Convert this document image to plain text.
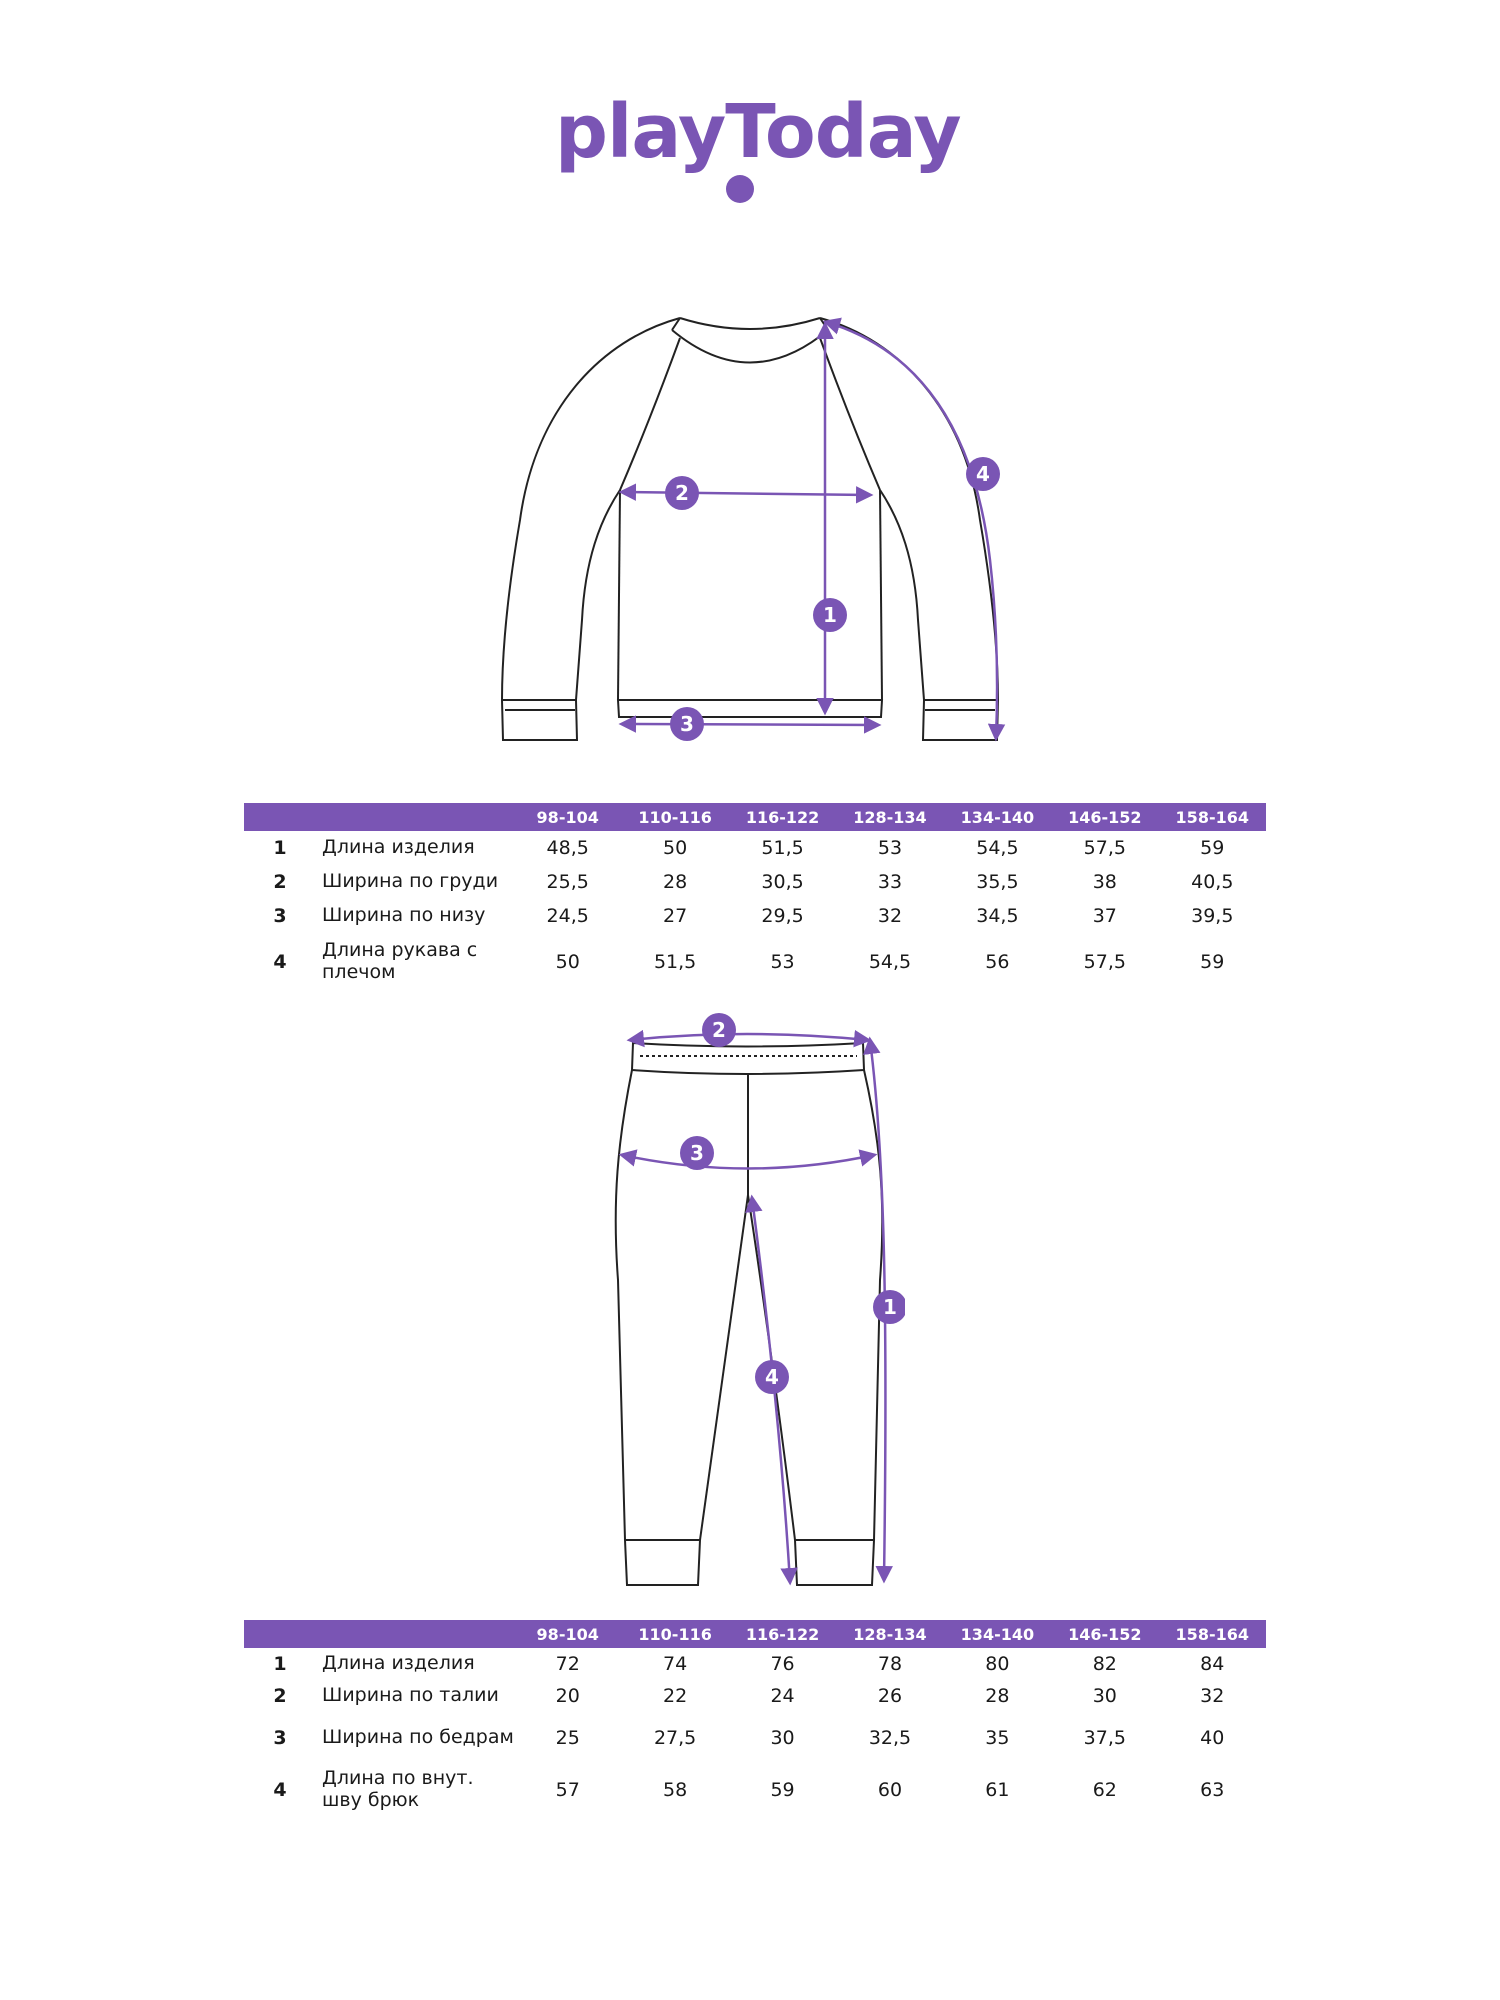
playToday
1
2
3
4
		98-104	110-116	116-122	128-134	134-140	146-152	158-164
1	Длина изделия	48,5	50	51,5	53	54,5	57,5	59
2	Ширина по груди	25,5	28	30,5	33	35,5	38	40,5
3	Ширина по низу	24,5	27	29,5	32	34,5	37	39,5
4	Длина рукава с плечом	50	51,5	53	54,5	56	57,5	59
2
3
1
4
		98-104	110-116	116-122	128-134	134-140	146-152	158-164
1	Длина изделия	72	74	76	78	80	82	84
2	Ширина по талии	20	22	24	26	28	30	32
3	Ширина по бедрам	25	27,5	30	32,5	35	37,5	40
4	Длина по внут. шву брюк	57	58	59	60	61	62	63
